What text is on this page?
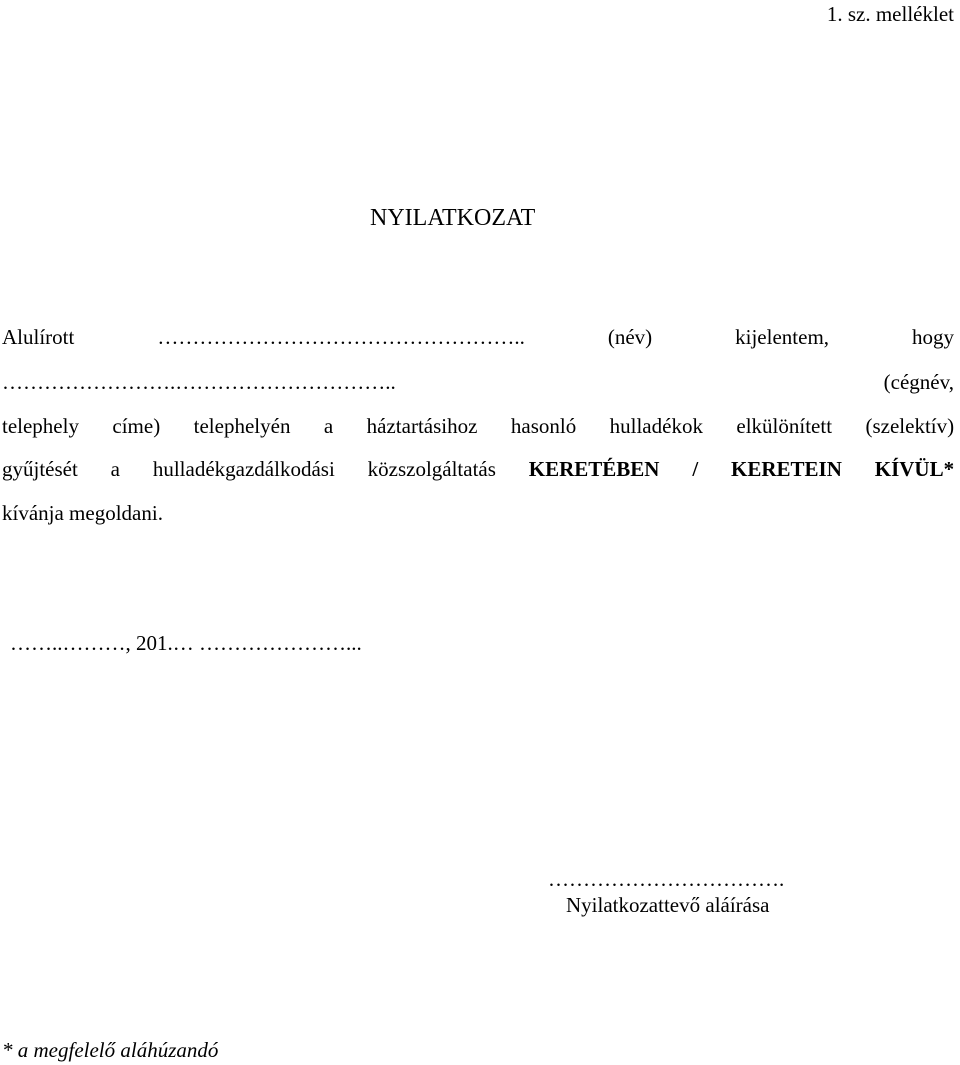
1. sz. melléklet
NYILATKOZAT
Alulírott	……………………………………………..	(név) kijelentem, hogy
…………………….…………………………..	(cégnév,
telephely címe) telephelyén a háztartásihoz hasonló hulladékok elkülönített (szelektív)
gyűjtését a hulladékgazdálkodási közszolgáltatás KERETÉBEN / KERETEIN KÍVÜL*
kívánja megoldani.
……..………, 201.… …………………...
…………………………….
Nyilatkozattevő aláírása
* a megfelelő aláhúzandó
